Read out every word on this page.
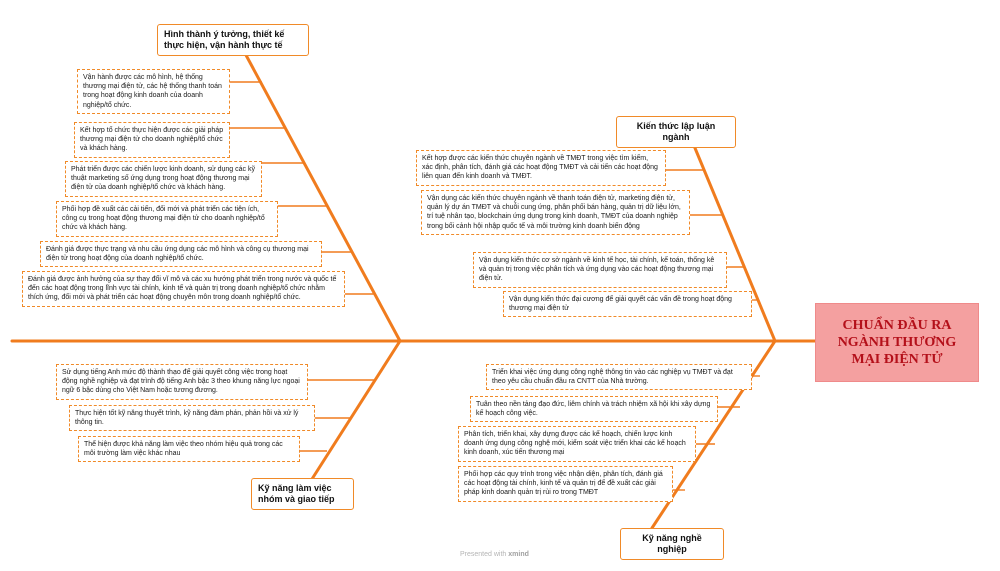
CHUẨN ĐẦU RA NGÀNH THƯƠNG MẠI ĐIỆN TỬ
Hình thành ý tưởng, thiết kế thực hiện, vận hành thực tế
Vận hành được các mô hình, hệ thống thương mại điện tử, các hệ thống thanh toán trong hoạt động kinh doanh của doanh nghiệp/tổ chức.
Kết hợp tổ chức thực hiện được các giải pháp thương mại điện tử cho doanh nghiệp/tổ chức và khách hàng.
Phát triển được các chiến lược kinh doanh, sử dụng các kỹ thuật marketing số ứng dụng trong hoạt động thương mại điện tử của doanh nghiệp/tổ chức và khách hàng.
Phối hợp đề xuất các cải tiến, đổi mới và phát triển các tiện ích, công cụ trong hoạt động thương mại điện tử cho doanh nghiệp/tổ chức và khách hàng.
Đánh giá được thực trạng và nhu cầu ứng dụng các mô hình và công cụ thương mại điện tử trong hoạt động của doanh nghiệp/tổ chức.
Đánh giá được ảnh hưởng của sự thay đổi vĩ mô và các xu hướng phát triển trong nước và quốc tế đến các hoạt động trong lĩnh vực tài chính, kinh tế và quản trị trong doanh nghiệp/tổ chức nhằm thích ứng, đổi mới và phát triển các hoạt động chuyên môn trong doanh nghiệp/tổ chức.
Kiến thức lập luận ngành
Kết hợp được các kiến thức chuyên ngành về TMĐT trong việc tìm kiếm, xác định, phân tích, đánh giá các hoạt động TMĐT và cải tiến các hoạt động liên quan đến kinh doanh và TMĐT.
Vận dụng các kiến thức chuyên ngành về thanh toán điện tử, marketing điện tử, quản lý dự án TMĐT và chuỗi cung ứng, phân phối bán hàng, quản trị dữ liệu lớn, trí tuệ nhân tạo, blockchain ứng dụng trong kinh doanh, TMĐT của doanh nghiệp trong bối cảnh hội nhập quốc tế và môi trường kinh doanh biến động
Vận dụng kiến thức cơ sở ngành về kinh tế học, tài chính, kế toán, thống kê và quản trị trong việc phân tích và ứng dụng vào các hoạt động thương mại điện tử.
Vận dụng kiến thức đại cương để giải quyết các vấn đề trong hoạt động thương mại điện tử
Kỹ năng làm việc nhóm và giao tiếp
Sử dụng tiếng Anh mức độ thành thạo để giải quyết công việc trong hoạt động nghề nghiệp và đạt trình độ tiếng Anh bậc 3 theo khung năng lực ngoại ngữ 6 bậc dùng cho Việt Nam hoặc tương đương.
Thực hiện tốt kỹ năng thuyết trình, kỹ năng đàm phán, phản hồi và xử lý thông tin.
Thể hiện được khả năng làm việc theo nhóm hiệu quả trong các môi trường làm việc khác nhau
Kỹ năng nghề nghiệp
Triển khai việc ứng dụng công nghệ thông tin vào các nghiệp vụ TMĐT và đạt theo yêu cầu chuẩn đầu ra CNTT của Nhà trường.
Tuân theo nền tảng đạo đức, liêm chính và trách nhiệm xã hội khi xây dựng kế hoạch công việc.
Phân tích, triển khai, xây dựng được các kế hoạch, chiến lược kinh doanh ứng dụng công nghệ mới, kiểm soát việc triển khai các kế hoạch kinh doanh, xúc tiến thương mại
Phối hợp các quy trình trong việc nhận diện, phân tích, đánh giá các hoạt động tài chính, kinh tế và quản trị để đề xuất các giải pháp kinh doanh quản trị rủi ro trong TMĐT
Presented with xmind
